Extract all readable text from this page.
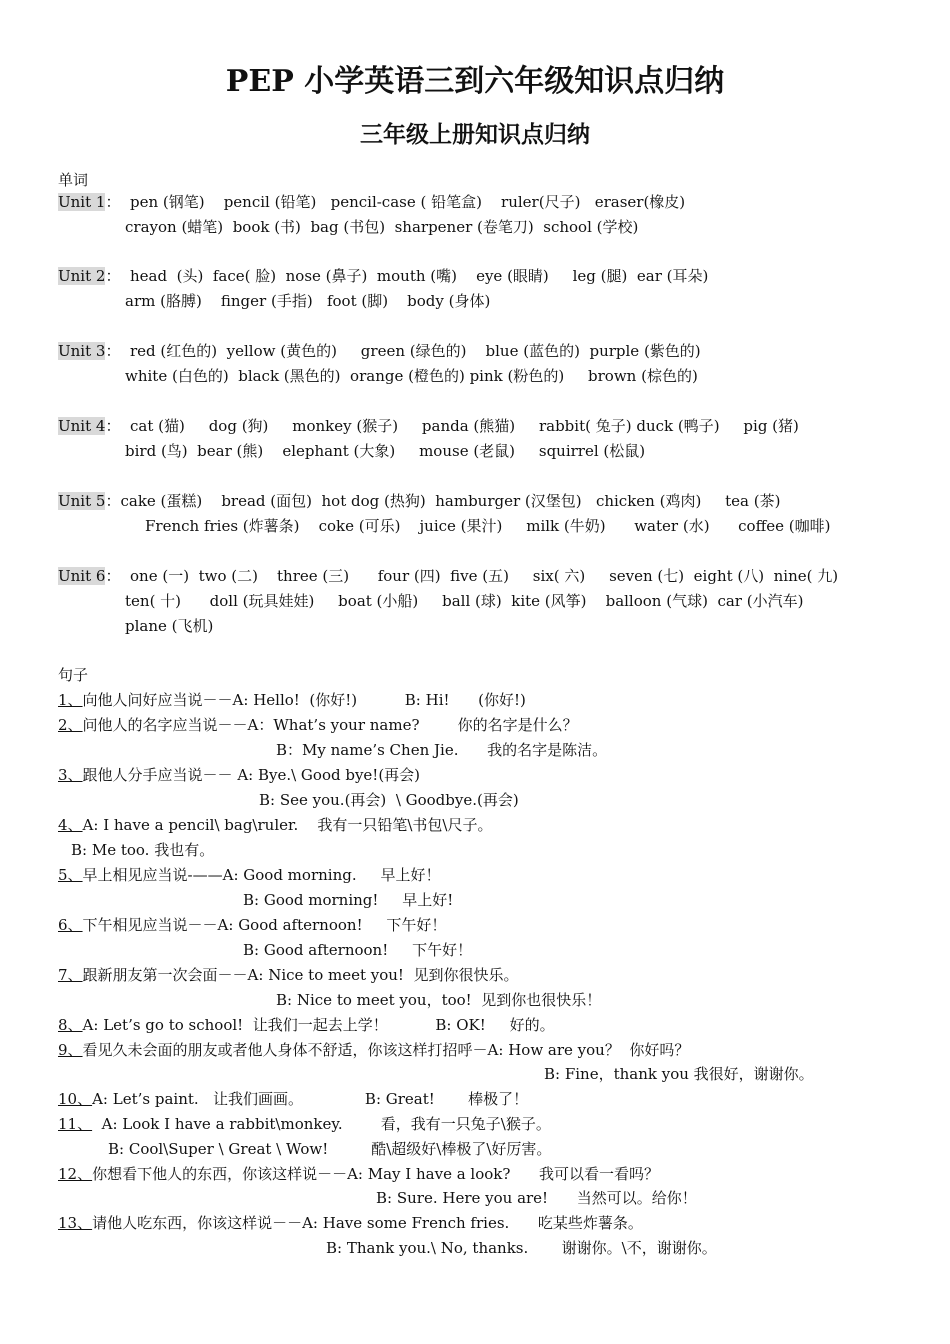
PEP 小学英语三到六年级知识点归纳
三年级上册知识点归纳
单词
Unit 1：  pen (钢笔)    pencil (铅笔)   pencil-case ( 铅笔盒)    ruler(尺子)   eraser(橡皮)
crayon (蜡笔)  book (书)  bag (书包)  sharpener (卷笔刀)  school (学校)
Unit 2：  head  (头)  face( 脸)  nose (鼻子)  mouth (嘴)    eye (眼睛)     leg (腿)  ear (耳朵)
arm (胳膊)    finger (手指)   foot (脚)    body (身体)
Unit 3：  red (红色的)  yellow (黄色的)     green (绿色的)    blue (蓝色的)  purple (紫色的)
white (白色的)  black (黑色的)  orange (橙色的) pink (粉色的)     brown (棕色的)
Unit 4：  cat (猫)     dog (狗)     monkey (猴子)     panda (熊猫)     rabbit( 兔子) duck (鸭子)     pig (猪)
bird (鸟)  bear (熊)    elephant (大象)     mouse (老鼠)     squirrel (松鼠)
Unit 5：cake (蛋糕)    bread (面包)  hot dog (热狗)  hamburger (汉堡包)   chicken (鸡肉)     tea (茶)
French fries (炸薯条)    coke (可乐)    juice (果汁)     milk (牛奶)      water (水)      coffee (咖啡)
Unit 6：  one (一)  two (二)    three (三)      four (四)  five (五)     six( 六)     seven (七)  eight (八)  nine( 九)
ten( 十)      doll (玩具娃娃)     boat (小船)     ball (球)  kite (风筝)    balloon (气球)  car (小汽车)
plane (飞机)
句子
1、向他人问好应当说－－A: Hello!  (你好!)          B: Hi!      (你好!)
2、问他人的名字应当说－－A：What’s your name?        你的名字是什么？
B：My name’s Chen Jie.      我的名字是陈洁。
3、跟他人分手应当说－－ A: Bye.\ Good bye!(再会)
B: See you.(再会)  \ Goodbye.(再会)
4、A: I have a pencil\ bag\ruler.    我有一只铅笔\书包\尺子。
B: Me too. 我也有。
5、早上相见应当说-——A: Good morning.     早上好！
B: Good morning!     早上好!
6、下午相见应当说－－A: Good afternoon!     下午好！
B: Good afternoon!     下午好！
7、跟新朋友第一次会面－－A: Nice to meet you!  见到你很快乐。
B: Nice to meet you，too!  见到你也很快乐！
8、A: Let’s go to school!  让我们一起去上学！          B: OK!     好的。
9、看见久未会面的朋友或者他人身体不舒适，你该这样打招呼－A: How are you？  你好吗？
B: Fine，thank you 我很好，谢谢你。
10、A: Let’s paint.   让我们画画。             B: Great!       棒极了！
11、  A: Look I have a rabbit\monkey.        看，我有一只兔子\猴子。
B: Cool\Super \ Great \ Wow!         酷\超级好\棒极了\好厉害。
12、你想看下他人的东西，你该这样说－－A: May I have a look?      我可以看一看吗？
B: Sure. Here you are!      当然可以。给你！
13、请他人吃东西，你该这样说－－A: Have some French fries.      吃某些炸薯条。
B: Thank you.\ No, thanks.       谢谢你。\不，谢谢你。
